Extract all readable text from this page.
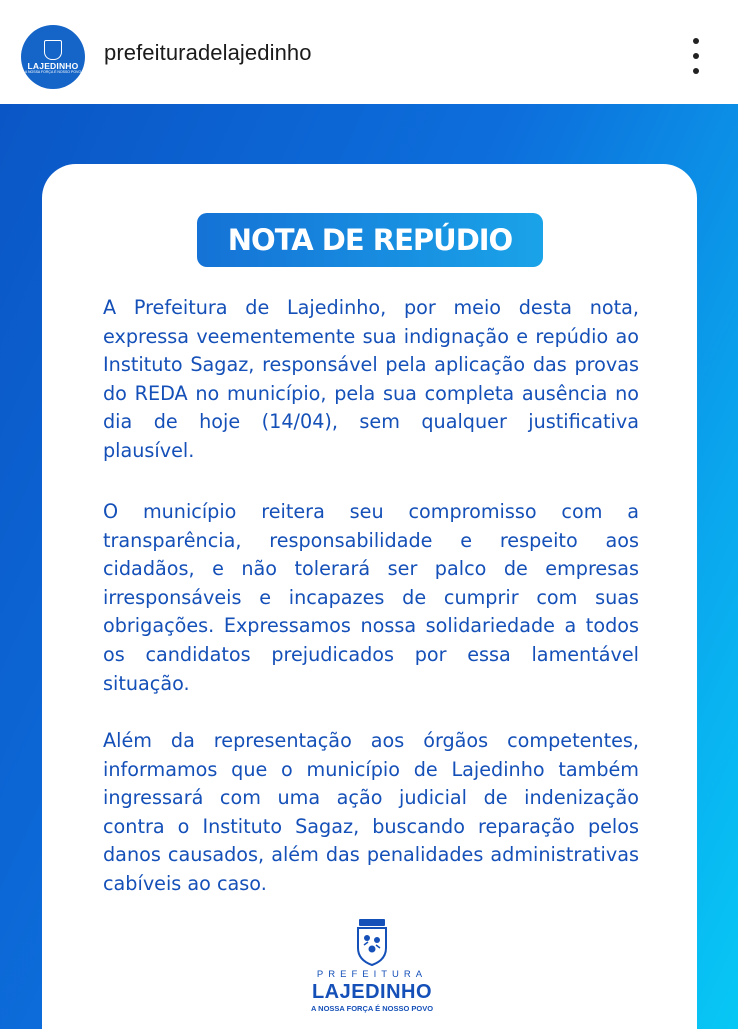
LAJEDINHO
A NOSSA FORÇA É NOSSO POVO
prefeituradelajedinho
NOTA DE REPÚDIO

A Prefeitura de Lajedinho, por meio desta nota, expressa veementemente sua indignação e repúdio ao Instituto Sagaz, responsável pela aplicação das provas do REDA no município, pela sua completa ausência no dia de hoje (14/04), sem qualquer justificativa plausível.

O município reitera seu compromisso com a transparência, responsabilidade e respeito aos cidadãos, e não tolerará ser palco de empresas irresponsáveis e incapazes de cumprir com suas obrigações. Expressamos nossa solidariedade a todos os candidatos prejudicados por essa lamentável situação.

Além da representação aos órgãos competentes, informamos que o município de Lajedinho também ingressará com uma ação judicial de indenização contra o Instituto Sagaz, buscando reparação pelos danos causados, além das penalidades administrativas cabíveis ao caso.

PREFEITURA
LAJEDINHO
A NOSSA FORÇA É NOSSO POVO
